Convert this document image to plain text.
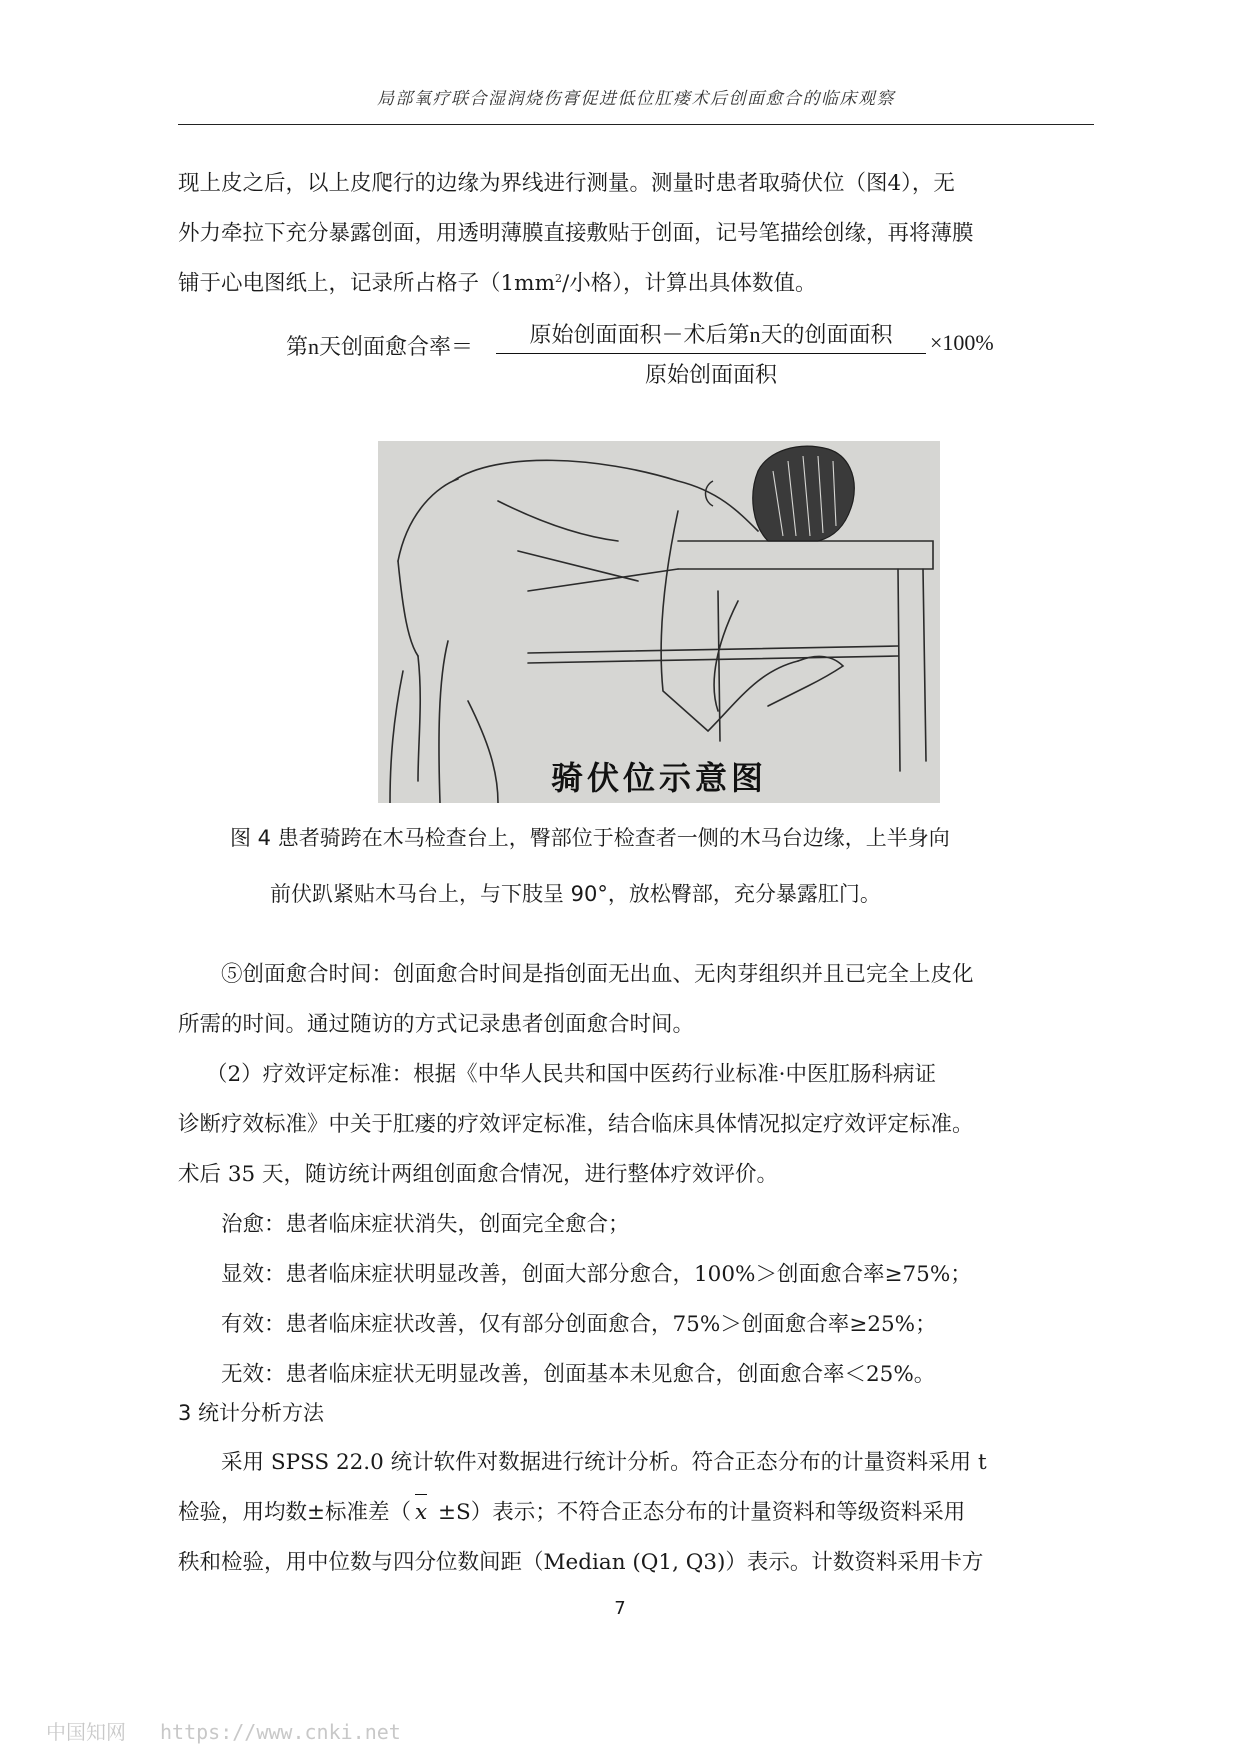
局部氧疗联合湿润烧伤膏促进低位肛瘘术后创面愈合的临床观察

现上皮之后，以上皮爬行的边缘为界线进行测量。测量时患者取骑伏位（图4），无

外力牵拉下充分暴露创面，用透明薄膜直接敷贴于创面，记号笔描绘创缘，再将薄膜

铺于心电图纸上，记录所占格子（$1mm^2/$小格），计算出具体数值。

第n天创面愈合率＝	原始创面面积－术后第n天的创面面积
原始创面面积
×100%
骑伏位示意图
图 4 患者骑跨在木马检查台上，臀部位于检查者一侧的木马台边缘，上半身向
前伏趴紧贴木马台上，与下肢呈 90°，放松臀部，充分暴露肛门。

⑤创面愈合时间：创面愈合时间是指创面无出血、无肉芽组织并且已完全上皮化

所需的时间。通过随访的方式记录患者创面愈合时间。

（2）疗效评定标准：根据《中华人民共和国中医药行业标准·中医肛肠科病证

诊断疗效标准》中关于肛瘘的疗效评定标准，结合临床具体情况拟定疗效评定标准。

术后 35 天，随访统计两组创面愈合情况，进行整体疗效评价。

治愈：患者临床症状消失，创面完全愈合；

显效：患者临床症状明显改善，创面大部分愈合，100%＞创面愈合率≥75%；

有效：患者临床症状改善，仅有部分创面愈合，75%＞创面愈合率≥25%；

无效：患者临床症状无明显改善，创面基本未见愈合，创面愈合率＜25%。

3 统计分析方法

采用 SPSS 22.0 统计软件对数据进行统计分析。符合正态分布的计量资料采用 t

检验，用均数±标准差（ x ±S）表示；不符合正态分布的计量资料和等级资料采用

秩和检验，用中位数与四分位数间距（Median (Q1, Q3)）表示。计数资料采用卡方

7
中国知网 https://www.cnki.net
